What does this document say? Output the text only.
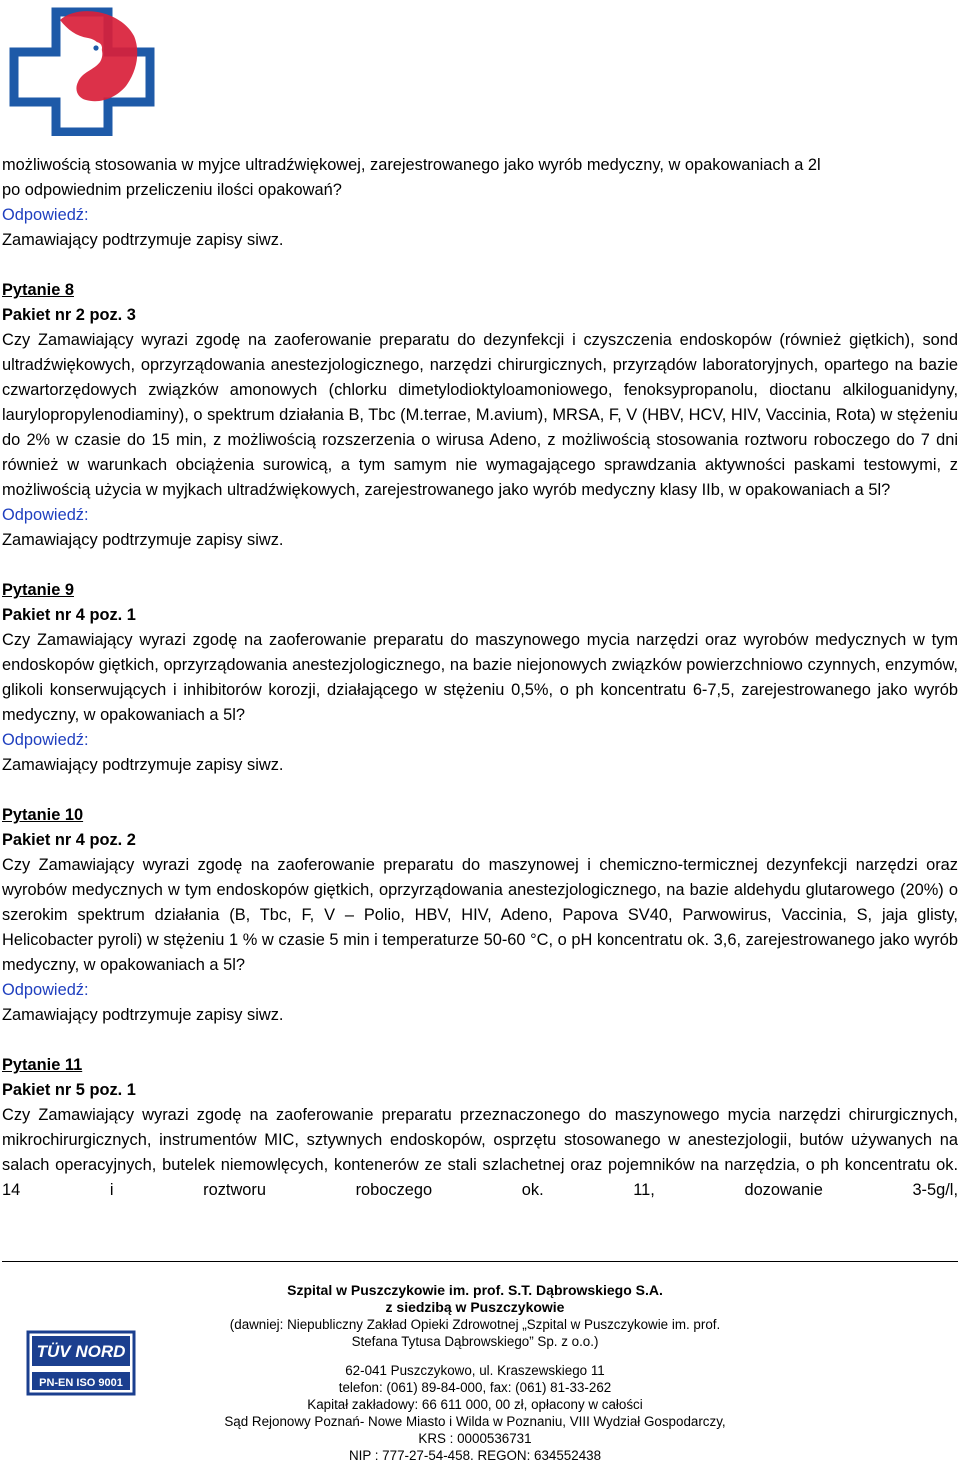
możliwością stosowania w myjce ultradźwiękowej, zarejestrowanego jako wyrób medyczny, w opakowaniach a 2l
po odpowiednim przeliczeniu ilości opakowań?
Odpowiedź:
Zamawiający podtrzymuje zapisy siwz.
Pytanie 8
Pakiet nr 2 poz. 3
Czy Zamawiający wyrazi zgodę na zaoferowanie preparatu do dezynfekcji i czyszczenia endoskopów (również giętkich), sond ultradźwiękowych, oprzyrządowania anestezjologicznego, narzędzi chirurgicznych, przyrządów laboratoryjnych, opartego na bazie czwartorzędowych związków amonowych (chlorku dimetylodioktyloamoniowego, fenoksypropanolu, dioctanu alkiloguanidyny, laurylopropylenodiaminy), o spektrum działania B, Tbc (M.terrae, M.avium), MRSA, F, V (HBV, HCV, HIV, Vaccinia, Rota) w stężeniu do 2% w czasie do 15 min, z możliwością rozszerzenia o wirusa Adeno, z możliwością stosowania roztworu roboczego do 7 dni również w warunkach obciążenia surowicą, a tym samym nie wymagającego sprawdzania aktywności paskami testowymi, z możliwością użycia w myjkach ultradźwiękowych, zarejestrowanego jako wyrób medyczny klasy IIb, w opakowaniach a 5l?
Odpowiedź:
Zamawiający podtrzymuje zapisy siwz.
Pytanie 9
Pakiet nr 4 poz. 1
Czy Zamawiający wyrazi zgodę na zaoferowanie preparatu do maszynowego mycia narzędzi oraz wyrobów medycznych w tym endoskopów giętkich, oprzyrządowania anestezjologicznego, na bazie niejonowych związków powierzchniowo czynnych, enzymów, glikoli konserwujących i inhibitorów korozji, działającego w stężeniu 0,5%, o ph koncentratu 6-7,5, zarejestrowanego jako wyrób medyczny, w opakowaniach a 5l?
Odpowiedź:
Zamawiający podtrzymuje zapisy siwz.
Pytanie 10
Pakiet nr 4 poz. 2
Czy Zamawiający wyrazi zgodę na zaoferowanie preparatu do maszynowej i chemiczno-termicznej dezynfekcji narzędzi oraz wyrobów medycznych w tym endoskopów giętkich, oprzyrządowania anestezjologicznego, na bazie aldehydu glutarowego (20%) o szerokim spektrum działania (B, Tbc, F, V – Polio, HBV, HIV, Adeno, Papova SV40, Parwowirus, Vaccinia, S, jaja glisty, Helicobacter pyroli) w stężeniu 1 % w czasie 5 min i temperaturze 50-60 °C, o pH koncentratu ok. 3,6, zarejestrowanego jako wyrób medyczny, w opakowaniach a 5l?
Odpowiedź:
Zamawiający podtrzymuje zapisy siwz.
Pytanie 11
Pakiet nr 5 poz. 1
Czy Zamawiający wyrazi zgodę na zaoferowanie preparatu przeznaczonego do maszynowego mycia narzędzi chirurgicznych, mikrochirurgicznych, instrumentów MIC, sztywnych endoskopów, osprzętu stosowanego w anestezjologii, butów używanych na salach operacyjnych, butelek niemowlęcych, kontenerów ze stali szlachetnej oraz pojemników na narzędzia, o ph koncentratu ok. 14 i roztworu roboczego ok. 11, dozowanie 3-5g/l,
TÜV NORD
PN-EN ISO 9001
Szpital w Puszczykowie im. prof. S.T. Dąbrowskiego S.A.
z siedzibą w Puszczykowie
(dawniej: Niepubliczny Zakład Opieki Zdrowotnej „Szpital w Puszczykowie im. prof.
Stefana Tytusa Dąbrowskiego” Sp. z o.o.)
62-041 Puszczykowo, ul. Kraszewskiego 11
telefon: (061) 89-84-000, fax: (061) 81-33-262
Kapitał zakładowy: 66 611 000, 00 zł, opłacony w całości
Sąd Rejonowy Poznań- Nowe Miasto i Wilda w Poznaniu, VIII Wydział Gospodarczy,
KRS : 0000536731
NIP : 777-27-54-458. REGON: 634552438
